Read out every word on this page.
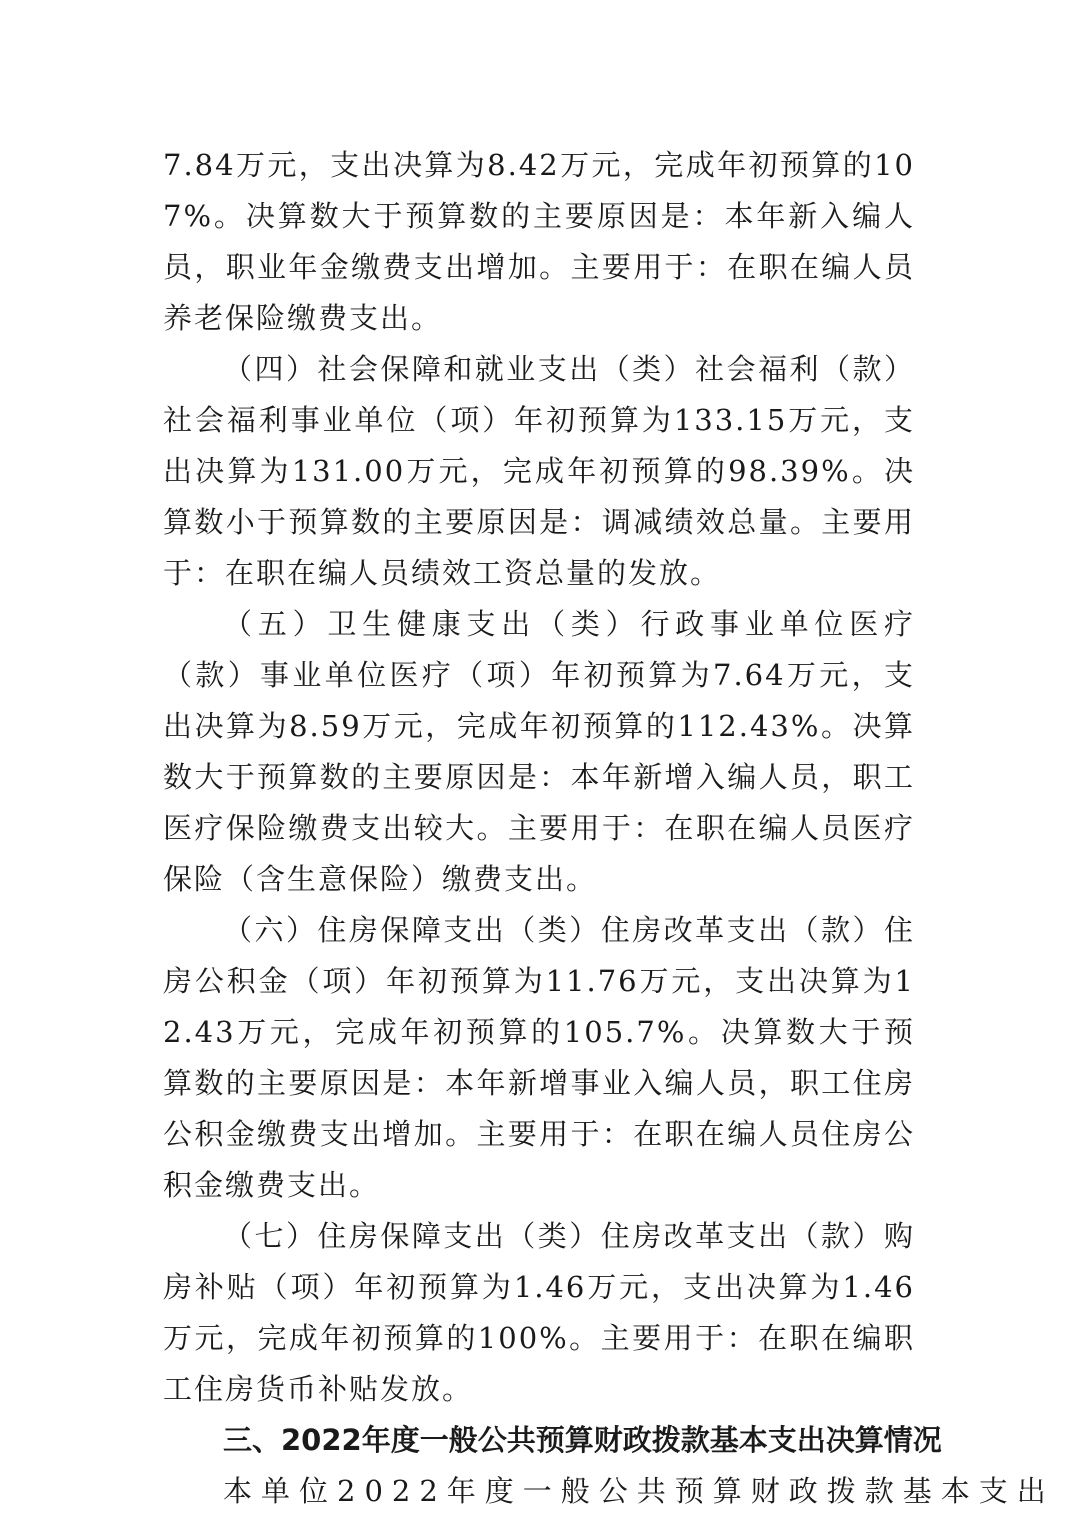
7.84万元，支出决算为8.42万元，完成年初预算的107%。决算数大于预算数的主要原因是：本年新入编人员，职业年金缴费支出增加。主要用于：在职在编人员养老保险缴费支出。

（四）社会保障和就业支出（类）社会福利（款）社会福利事业单位（项）年初预算为133.15万元，支出决算为131.00万元，完成年初预算的98.39%。决算数小于预算数的主要原因是：调减绩效总量。主要用于：在职在编人员绩效工资总量的发放。

（五）卫生健康支出（类）行政事业单位医疗（款）事业单位医疗（项）年初预算为7.64万元，支出决算为8.59万元，完成年初预算的112.43%。决算数大于预算数的主要原因是：本年新增入编人员，职工医疗保险缴费支出较大。主要用于：在职在编人员医疗保险（含生意保险）缴费支出。

（六）住房保障支出（类）住房改革支出（款）住房公积金（项）年初预算为11.76万元，支出决算为12.43万元，完成年初预算的105.7%。决算数大于预算数的主要原因是：本年新增事业入编人员，职工住房公积金缴费支出增加。主要用于：在职在编人员住房公积金缴费支出。

（七）住房保障支出（类）住房改革支出（款）购房补贴（项）年初预算为1.46万元，支出决算为1.46万元，完成年初预算的100%。主要用于：在职在编职工住房货币补贴发放。

三、2022年度一般公共预算财政拨款基本支出决算情况

本单位2022年度一般公共预算财政拨款基本支出
